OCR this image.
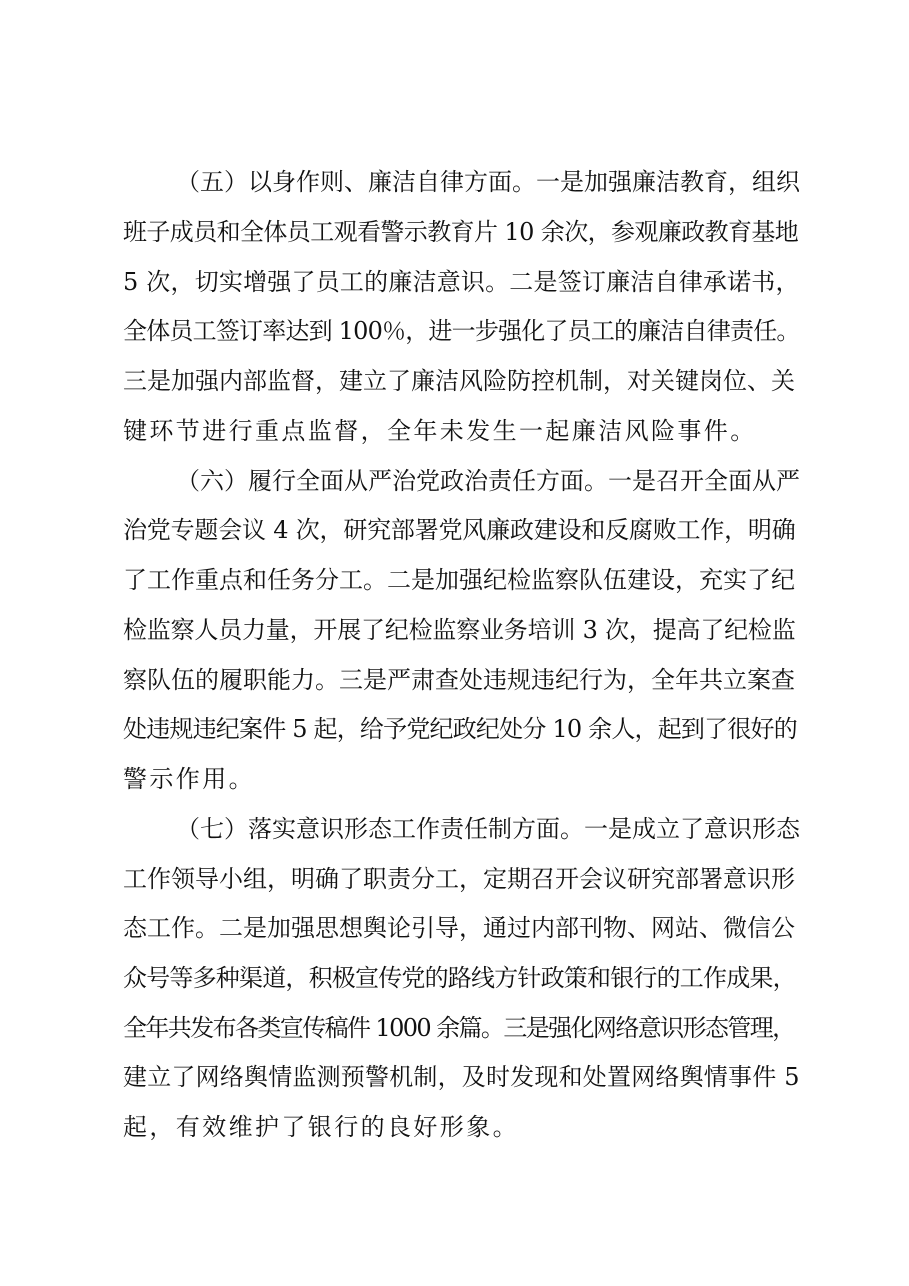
（五）以身作则、廉洁自律方面。一是加强廉洁教育，组织
班子成员和全体员工观看警示教育片 10 余次，参观廉政教育基地
5 次，切实增强了员工的廉洁意识。二是签订廉洁自律承诺书，
全体员工签订率达到 100％，进一步强化了员工的廉洁自律责任。
三是加强内部监督，建立了廉洁风险防控机制，对关键岗位、关
键环节进行重点监督，全年未发生一起廉洁风险事件。
（六）履行全面从严治党政治责任方面。一是召开全面从严
治党专题会议 4 次，研究部署党风廉政建设和反腐败工作，明确
了工作重点和任务分工。二是加强纪检监察队伍建设，充实了纪
检监察人员力量，开展了纪检监察业务培训 3 次，提高了纪检监
察队伍的履职能力。三是严肃查处违规违纪行为，全年共立案查
处违规违纪案件 5 起，给予党纪政纪处分 10 余人，起到了很好的
警示作用。
（七）落实意识形态工作责任制方面。一是成立了意识形态
工作领导小组，明确了职责分工，定期召开会议研究部署意识形
态工作。二是加强思想舆论引导，通过内部刊物、网站、微信公
众号等多种渠道，积极宣传党的路线方针政策和银行的工作成果，
全年共发布各类宣传稿件 1000 余篇。三是强化网络意识形态管理，
建立了网络舆情监测预警机制，及时发现和处置网络舆情事件 5
起，有效维护了银行的良好形象。
